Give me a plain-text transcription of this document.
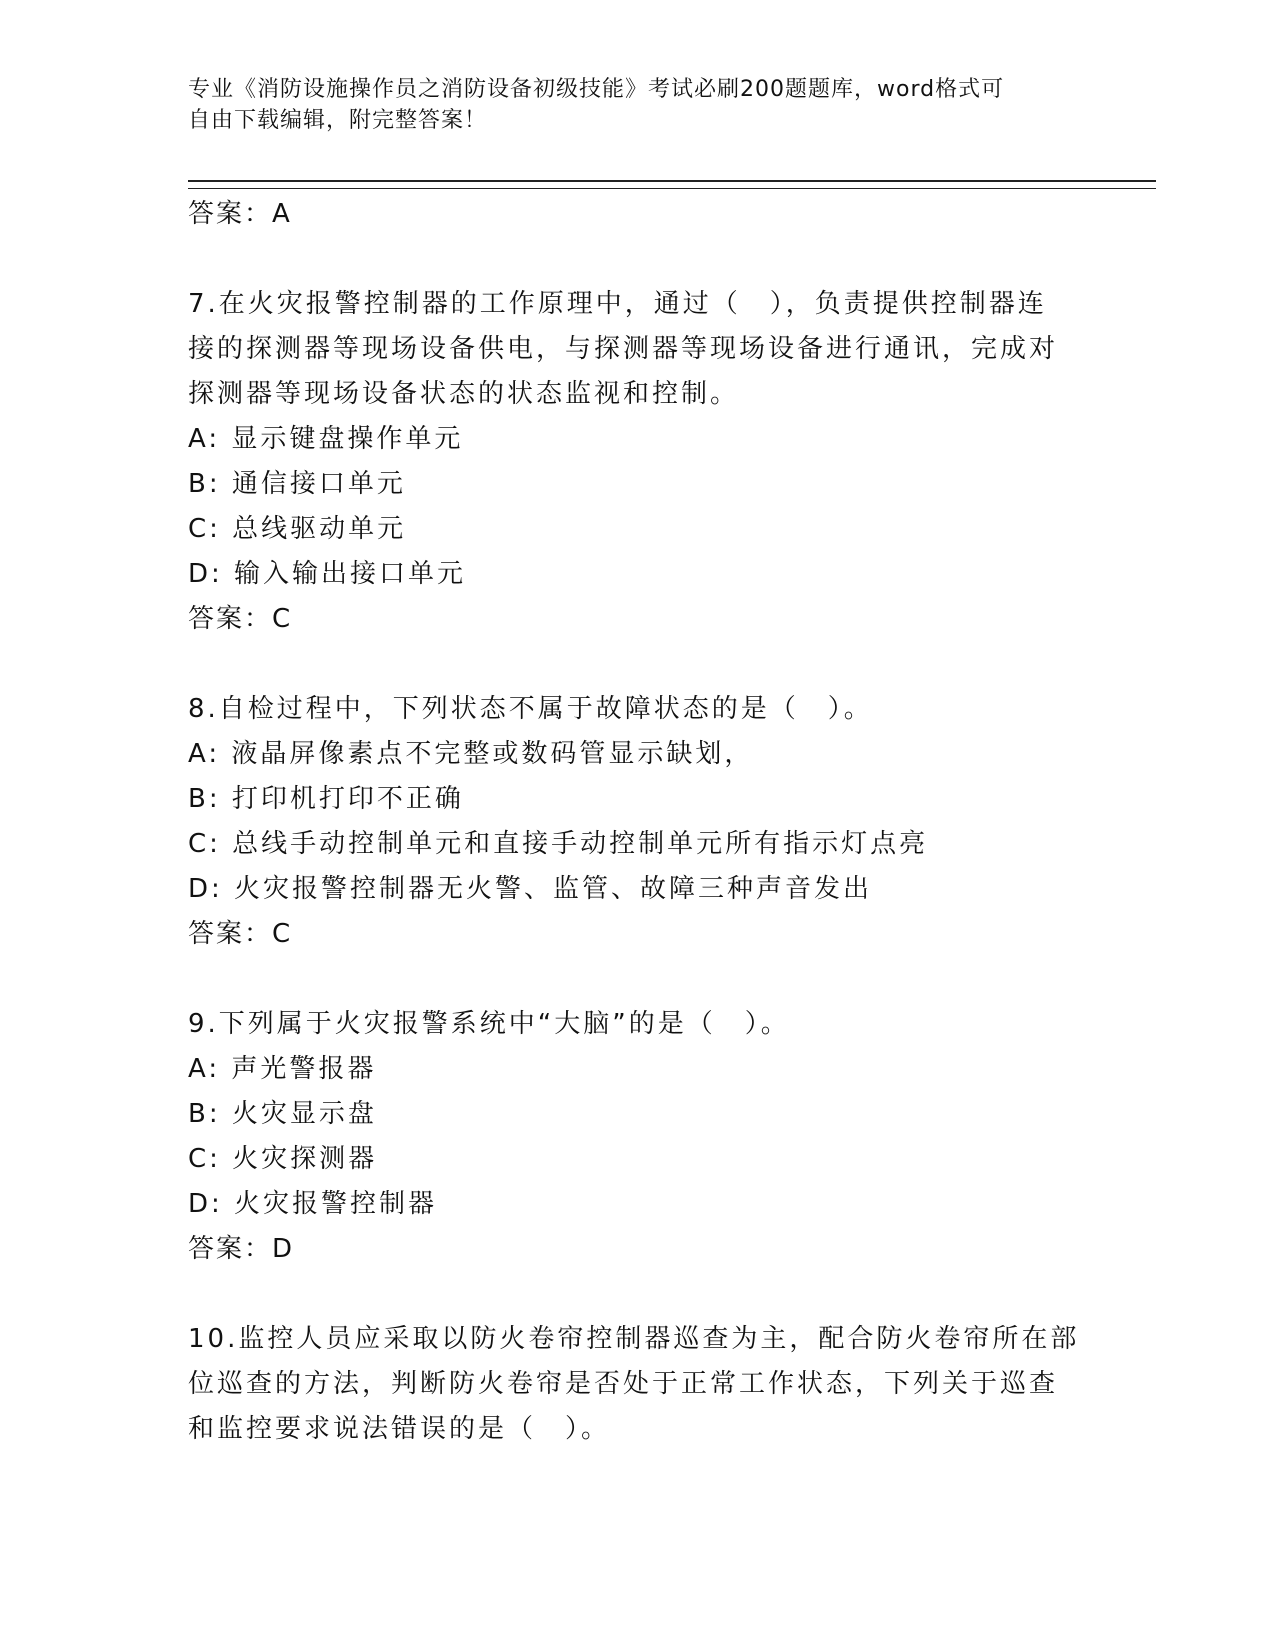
专业《消防设施操作员之消防设备初级技能》考试必刷200题题库，word格式可
自由下载编辑，附完整答案！
答案：A
7.在火灾报警控制器的工作原理中，通过（　），负责提供控制器连
接的探测器等现场设备供电，与探测器等现场设备进行通讯，完成对
探测器等现场设备状态的状态监视和控制。
A: 显示键盘操作单元
B: 通信接口单元
C: 总线驱动单元
D: 输入输出接口单元
答案：C
8.自检过程中，下列状态不属于故障状态的是（　）。
A: 液晶屏像素点不完整或数码管显示缺划，
B: 打印机打印不正确
C: 总线手动控制单元和直接手动控制单元所有指示灯点亮
D: 火灾报警控制器无火警、监管、故障三种声音发出
答案：C
9.下列属于火灾报警系统中“大脑”的是（　）。
A: 声光警报器
B: 火灾显示盘
C: 火灾探测器
D: 火灾报警控制器
答案：D
10.监控人员应采取以防火卷帘控制器巡查为主，配合防火卷帘所在部
位巡查的方法，判断防火卷帘是否处于正常工作状态，下列关于巡查
和监控要求说法错误的是（　）。
